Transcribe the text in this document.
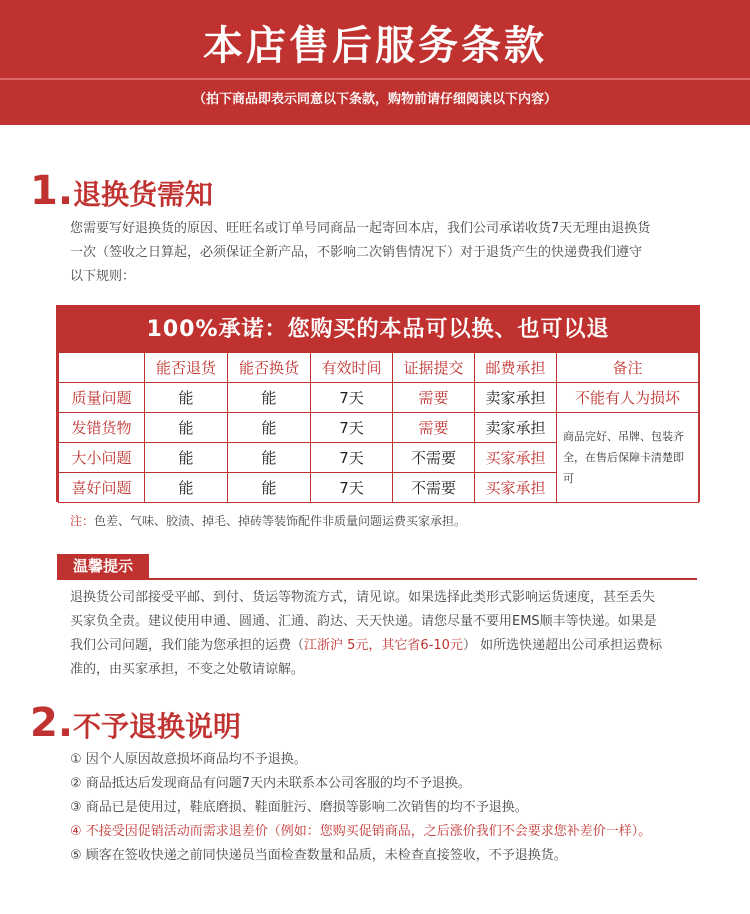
本店售后服务条款
（拍下商品即表示同意以下条款，购物前请仔细阅读以下内容）
1.退换货需知
您需要写好退换货的原因、旺旺名或订单号同商品一起寄回本店，我们公司承诺收货7天无理由退换货
一次（签收之日算起，必须保证全新产品，不影响二次销售情况下）对于退货产生的快递费我们遵守
以下规则：
100%承诺：您购买的本品可以换、也可以退
	能否退货	能否换货	有效时间	证据提交	邮费承担	备注
质量问题	能	能	7天	需要	卖家承担	不能有人为损坏
发错货物	能	能	7天	需要	卖家承担	商品完好、吊牌、包装齐全，在售后保障卡清楚即可
大小问题	能	能	7天	不需要	买家承担	
喜好问题	能	能	7天	不需要	买家承担	
注：色差、气味、胶渍、掉毛、掉砖等装饰配件非质量问题运费买家承担。
温馨提示
退换货公司部接受平邮、到付、货运等物流方式，请见谅。如果选择此类形式影响运货速度，甚至丢失
买家负全责。建议使用申通、圆通、汇通、韵达、天天快递。请您尽量不要用EMS顺丰等快递。如果是
我们公司问题，我们能为您承担的运费（江浙沪 5元，其它省6-10元） 如所选快递超出公司承担运费标
准的，由买家承担，不变之处敬请谅解。
2.不予退换说明
① 因个人原因故意损坏商品均不予退换。
② 商品抵达后发现商品有问题7天内未联系本公司客服的均不予退换。
③ 商品已是使用过，鞋底磨损、鞋面脏污、磨损等影响二次销售的均不予退换。
④ 不接受因促销活动而需求退差价（例如：您购买促销商品，之后涨价我们不会要求您补差价一样）。
⑤ 顾客在签收快递之前同快递员当面检查数量和品质，未检查直接签收，不予退换货。
